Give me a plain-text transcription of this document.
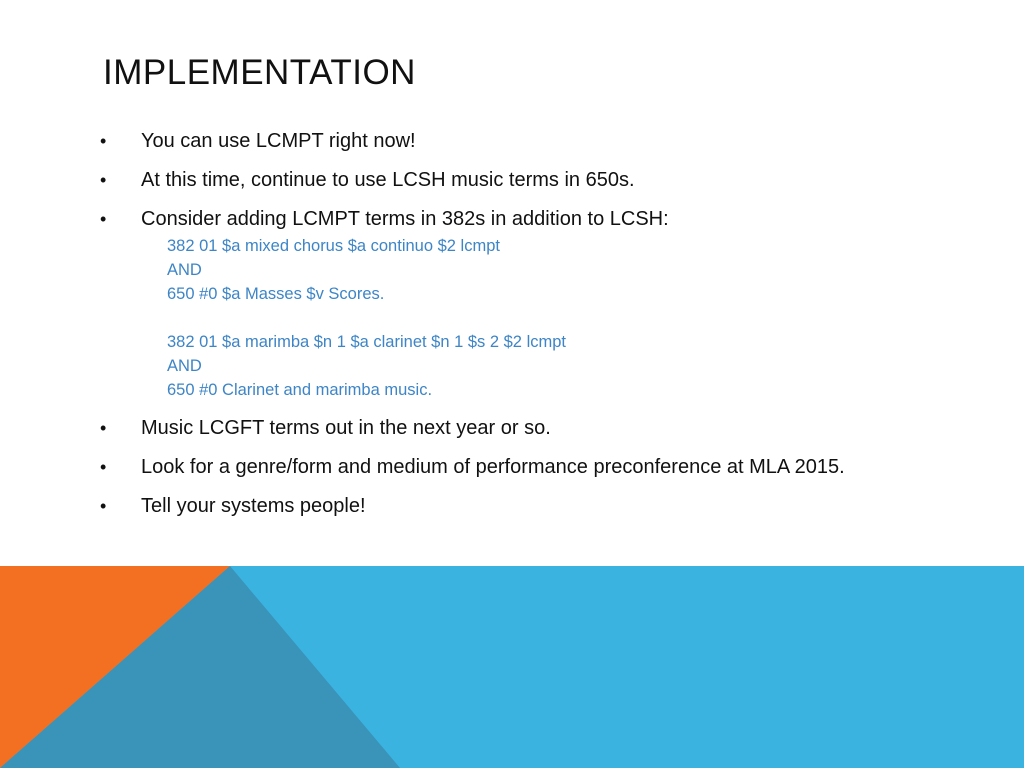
IMPLEMENTATION
•	You can use LCMPT right now!
•	At this time, continue to use LCSH music terms in 650s.
•	Consider adding LCMPT terms in 382s in addition to LCSH:
382 01 $a mixed chorus $a continuo $2 lcmpt
AND
650 #0 $a Masses $v Scores.
382 01 $a marimba $n 1 $a clarinet $n 1 $s 2 $2 lcmpt
AND
650 #0 Clarinet and marimba music.
•	Music LCGFT terms out in the next year or so.
•	Look for a genre/form and medium of performance preconference at MLA 2015.
•	Tell your systems people!
